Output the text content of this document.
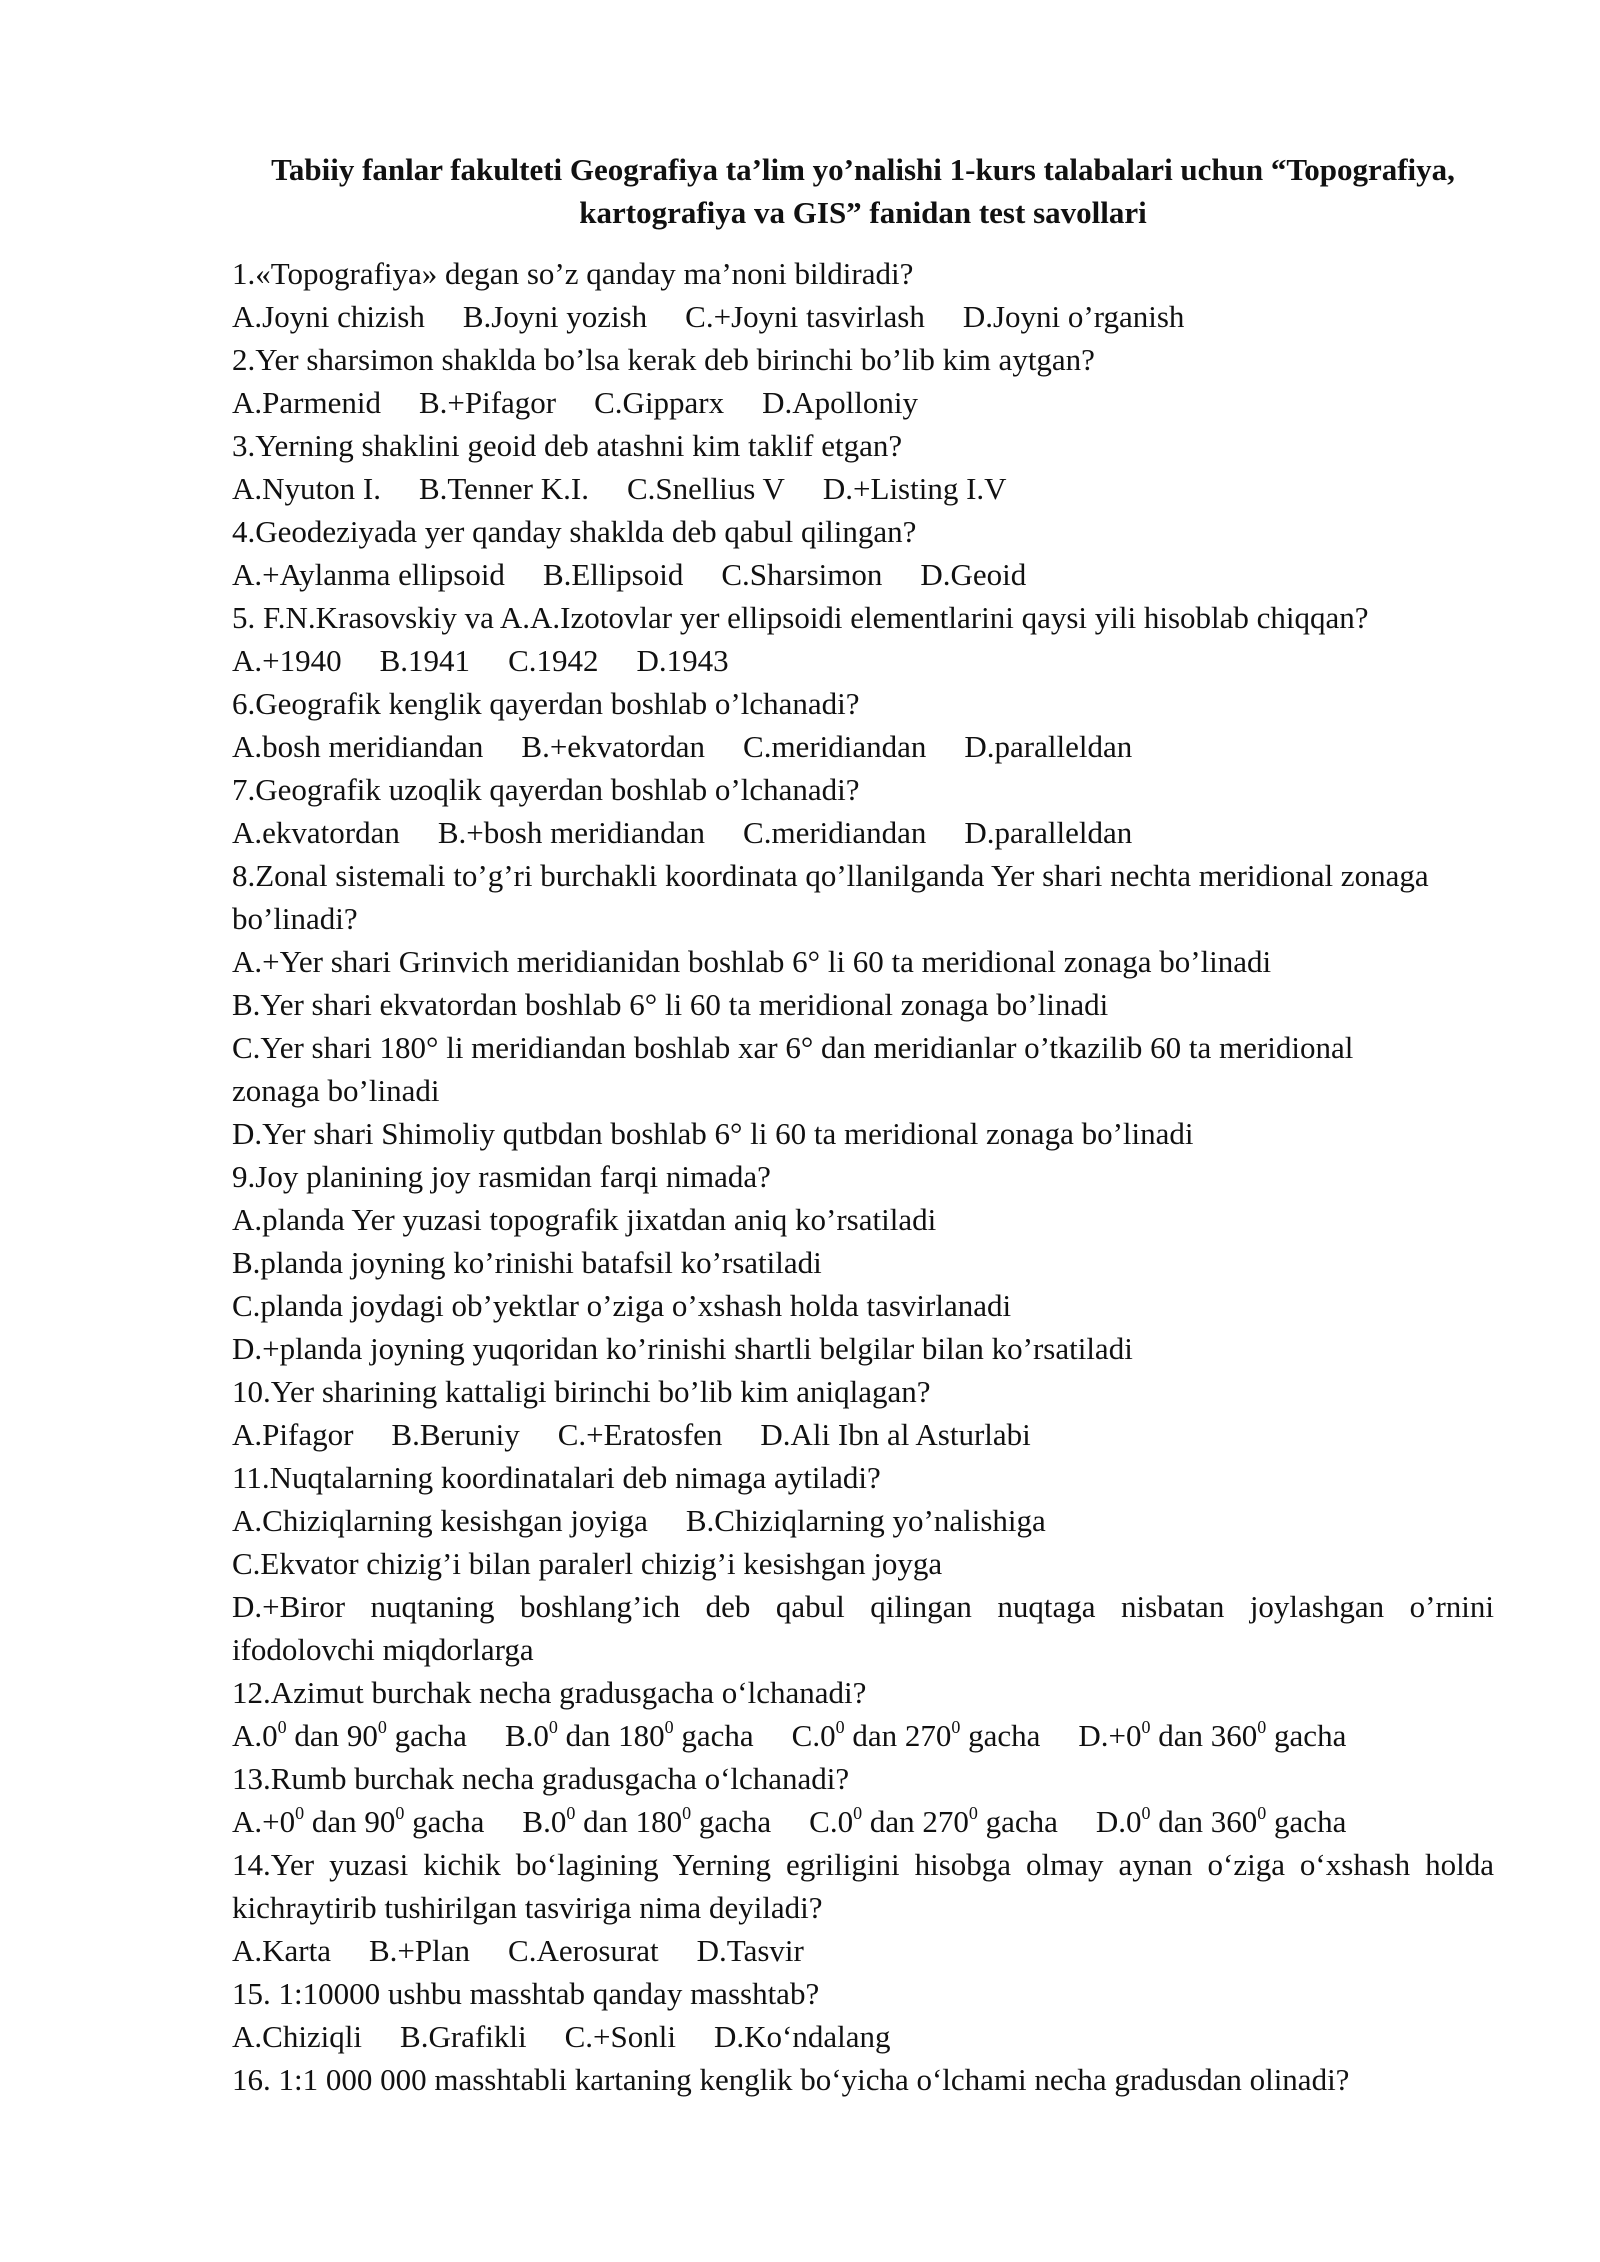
Tabiiy fanlar fakulteti Geografiya ta’lim yo’nalishi 1-kurs talabalari uchun “Topografiya,
kartografiya va GIS” fanidan test savollari
1.«Topografiya» degan so’z qanday ma’noni bildiradi?
A.Joyni chizish B.Joyni yozish C.+Joyni tasvirlash D.Joyni o’rganish
2.Yer sharsimon shaklda bo’lsa kerak deb birinchi bo’lib kim aytgan?
A.Parmenid B.+Pifagor C.Gipparx D.Apolloniy
3.Yerning shaklini geoid deb atashni kim taklif etgan?
A.Nyuton I. B.Tenner K.I. C.Snellius V D.+Listing I.V
4.Geodeziyada yer qanday shaklda deb qabul qilingan?
A.+Aylanma ellipsoid B.Ellipsoid C.Sharsimon D.Geoid
5. F.N.Krasovskiy va A.A.Izotovlar yer ellipsoidi elementlarini qaysi yili hisoblab chiqqan?
A.+1940 B.1941 C.1942 D.1943
6.Geografik kenglik qayerdan boshlab o’lchanadi?
A.bosh meridiandan B.+ekvatordan C.meridiandan D.paralleldan
7.Geografik uzoqlik qayerdan boshlab o’lchanadi?
A.ekvatordan B.+bosh meridiandan C.meridiandan D.paralleldan
8.Zonal sistemali to’g’ri burchakli koordinata qo’llanilganda Yer shari nechta meridional zonaga
bo’linadi?
A.+Yer shari Grinvich meridianidan boshlab 6° li 60 ta meridional zonaga bo’linadi
B.Yer shari ekvatordan boshlab 6° li 60 ta meridional zonaga bo’linadi
C.Yer shari 180° li meridiandan boshlab xar 6° dan meridianlar o’tkazilib 60 ta meridional
zonaga bo’linadi
D.Yer shari Shimoliy qutbdan boshlab 6° li 60 ta meridional zonaga bo’linadi
9.Joy planining joy rasmidan farqi nimada?
A.planda Yer yuzasi topografik jixatdan aniq ko’rsatiladi
B.planda joyning ko’rinishi batafsil ko’rsatiladi
C.planda joydagi ob’yektlar o’ziga o’xshash holda tasvirlanadi
D.+planda joyning yuqoridan ko’rinishi shartli belgilar bilan ko’rsatiladi
10.Yer sharining kattaligi birinchi bo’lib kim aniqlagan?
A.Pifagor B.Beruniy C.+Eratosfen D.Ali Ibn al Asturlabi
11.Nuqtalarning koordinatalari deb nimaga aytiladi?
A.Chiziqlarning kesishgan joyiga B.Chiziqlarning yo’nalishiga
C.Ekvator chizig’i bilan paralerl chizig’i kesishgan joyga
D.+Biror nuqtaning boshlang’ich deb qabul qilingan nuqtaga nisbatan joylashgan o’rnini
ifodolovchi miqdorlarga
12.Azimut burchak necha gradusgacha o‘lchanadi?
$A.0^0$ dan $90^0$ gacha $B.0^0$ dan $180^0$ gacha $C.0^0$ dan $270^0$ gacha $D.+0^0$ dan $360^0$ gacha
13.Rumb burchak necha gradusgacha o‘lchanadi?
$A.+0^0$ dan $90^0$ gacha $B.0^0$ dan $180^0$ gacha $C.0^0$ dan $270^0$ gacha $D.0^0$ dan $360^0$ gacha
14.Yer yuzasi kichik bo‘lagining Yerning egriligini hisobga olmay aynan o‘ziga o‘xshash holda
kichraytirib tushirilgan tasviriga nima deyiladi?
A.Karta B.+Plan C.Aerosurat D.Tasvir
15. 1:10000 ushbu masshtab qanday masshtab?
A.Chiziqli B.Grafikli C.+Sonli D.Ko‘ndalang
16. 1:1 000 000 masshtabli kartaning kenglik bo‘yicha o‘lchami necha gradusdan olinadi?
